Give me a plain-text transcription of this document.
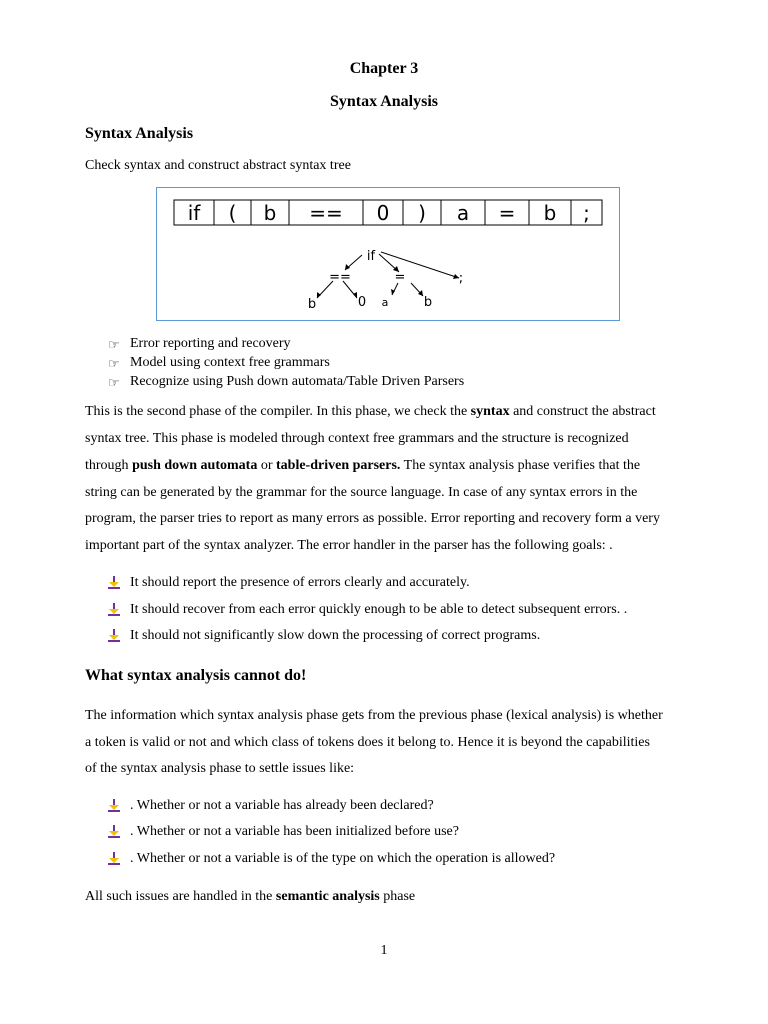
Chapter 3
Syntax Analysis
Syntax Analysis
Check syntax and construct abstract syntax tree
if ( b == 0 ) a = b ;
if
==	=	;
b	0 a	b
☞ Error reporting and recovery
☞ Model using context free grammars
☞ Recognize using Push down automata/Table Driven Parsers
This is the second phase of the compiler. In this phase, we check the syntax and construct the abstract
syntax tree. This phase is modeled through context free grammars and the structure is recognized
through push down automata or table-driven parsers. The syntax analysis phase verifies that the
string can be generated by the grammar for the source language. In case of any syntax errors in the
program, the parser tries to report as many errors as possible. Error reporting and recovery form a very
important part of the syntax analyzer. The error handler in the parser has the following goals: .
It should report the presence of errors clearly and accurately.
It should recover from each error quickly enough to be able to detect subsequent errors. .
It should not significantly slow down the processing of correct programs.
What syntax analysis cannot do!
The information which syntax analysis phase gets from the previous phase (lexical analysis) is whether
a token is valid or not and which class of tokens does it belong to. Hence it is beyond the capabilities
of the syntax analysis phase to settle issues like:
. Whether or not a variable has already been declared?
. Whether or not a variable has been initialized before use?
. Whether or not a variable is of the type on which the operation is allowed?
All such issues are handled in the semantic analysis phase
1
